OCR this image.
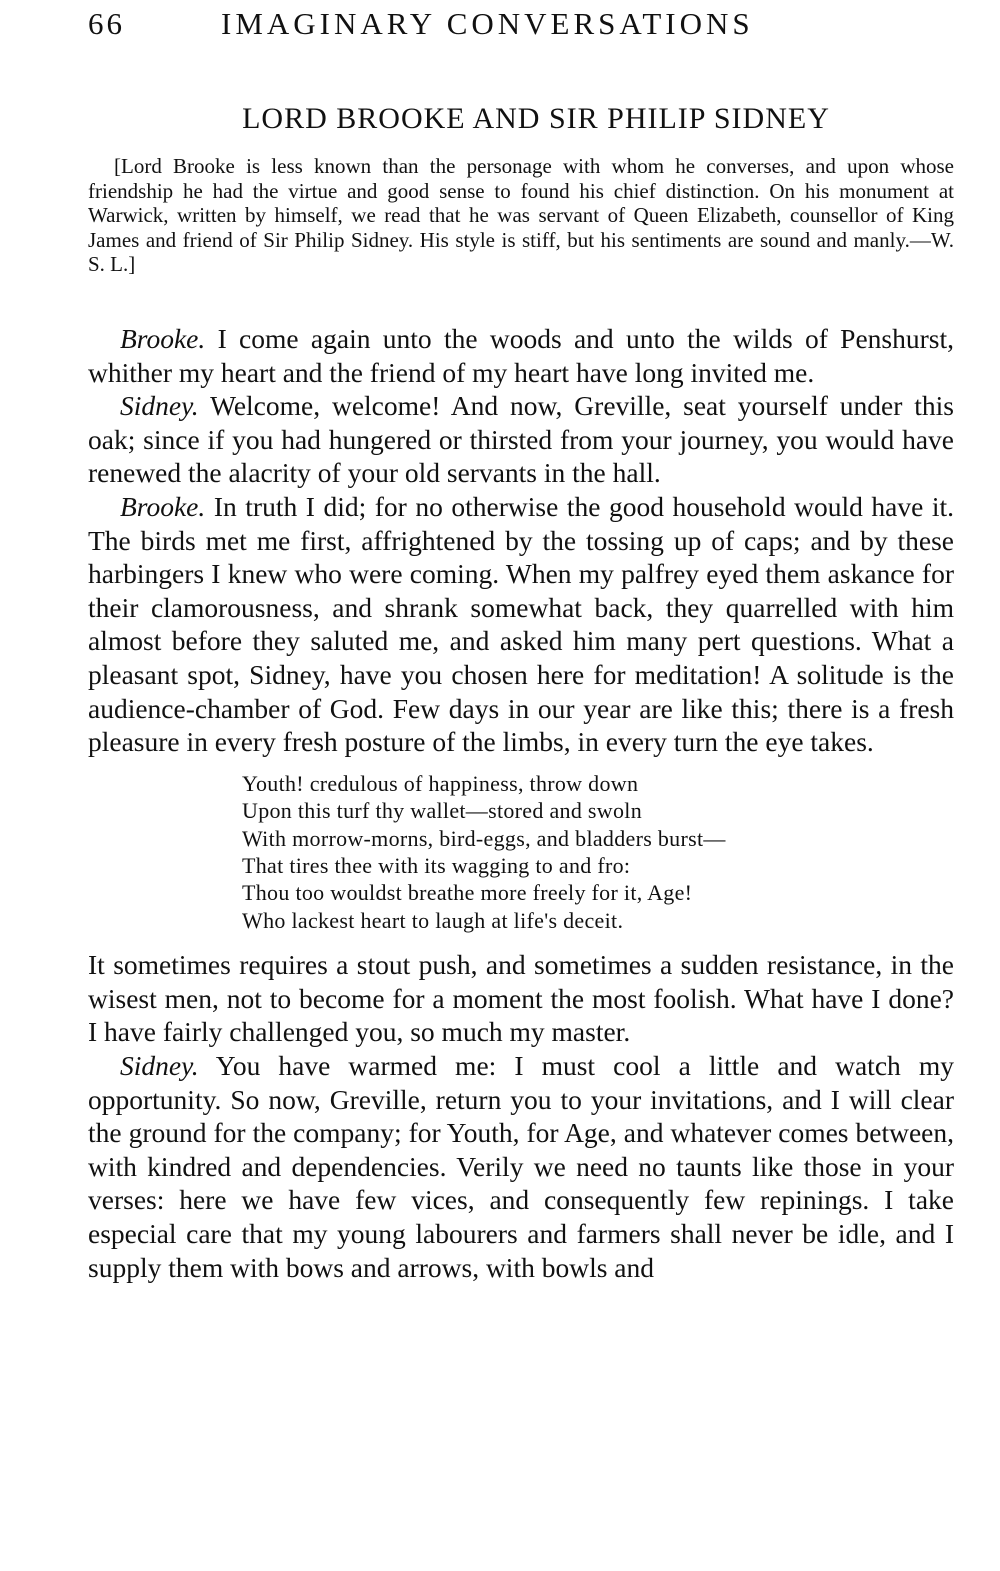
66	IMAGINARY CONVERSATIONS
LORD BROOKE AND SIR PHILIP SIDNEY

[Lord Brooke is less known than the personage with whom he converses, and upon whose friendship he had the virtue and good sense to found his chief distinction. On his monument at Warwick, written by himself, we read that he was servant of Queen Elizabeth, counsellor of King James and friend of Sir Philip Sidney. His style is stiff, but his sentiments are sound and manly.—W. S. L.]

Brooke. I come again unto the woods and unto the wilds of Penshurst, whither my heart and the friend of my heart have long invited me.

Sidney. Welcome, welcome! And now, Greville, seat yourself under this oak; since if you had hungered or thirsted from your journey, you would have renewed the alacrity of your old servants in the hall.

Brooke. In truth I did; for no otherwise the good household would have it. The birds met me first, affrightened by the tossing up of caps; and by these harbingers I knew who were coming. When my palfrey eyed them askance for their clamorousness, and shrank somewhat back, they quarrelled with him almost before they saluted me, and asked him many pert questions. What a pleasant spot, Sidney, have you chosen here for meditation! A solitude is the audience-chamber of God. Few days in our year are like this; there is a fresh pleasure in every fresh posture of the limbs, in every turn the eye takes.

Youth! credulous of happiness, throw down
Upon this turf thy wallet—stored and swoln
With morrow-morns, bird-eggs, and bladders burst—
That tires thee with its wagging to and fro:
Thou too wouldst breathe more freely for it, Age!
Who lackest heart to laugh at life's deceit.

It sometimes requires a stout push, and sometimes a sudden resistance, in the wisest men, not to become for a moment the most foolish. What have I done? I have fairly challenged you, so much my master.

Sidney. You have warmed me: I must cool a little and watch my opportunity. So now, Greville, return you to your invitations, and I will clear the ground for the company; for Youth, for Age, and whatever comes between, with kindred and dependencies. Verily we need no taunts like those in your verses: here we have few vices, and consequently few repinings. I take especial care that my young labourers and farmers shall never be idle, and I supply them with bows and arrows, with bowls and
